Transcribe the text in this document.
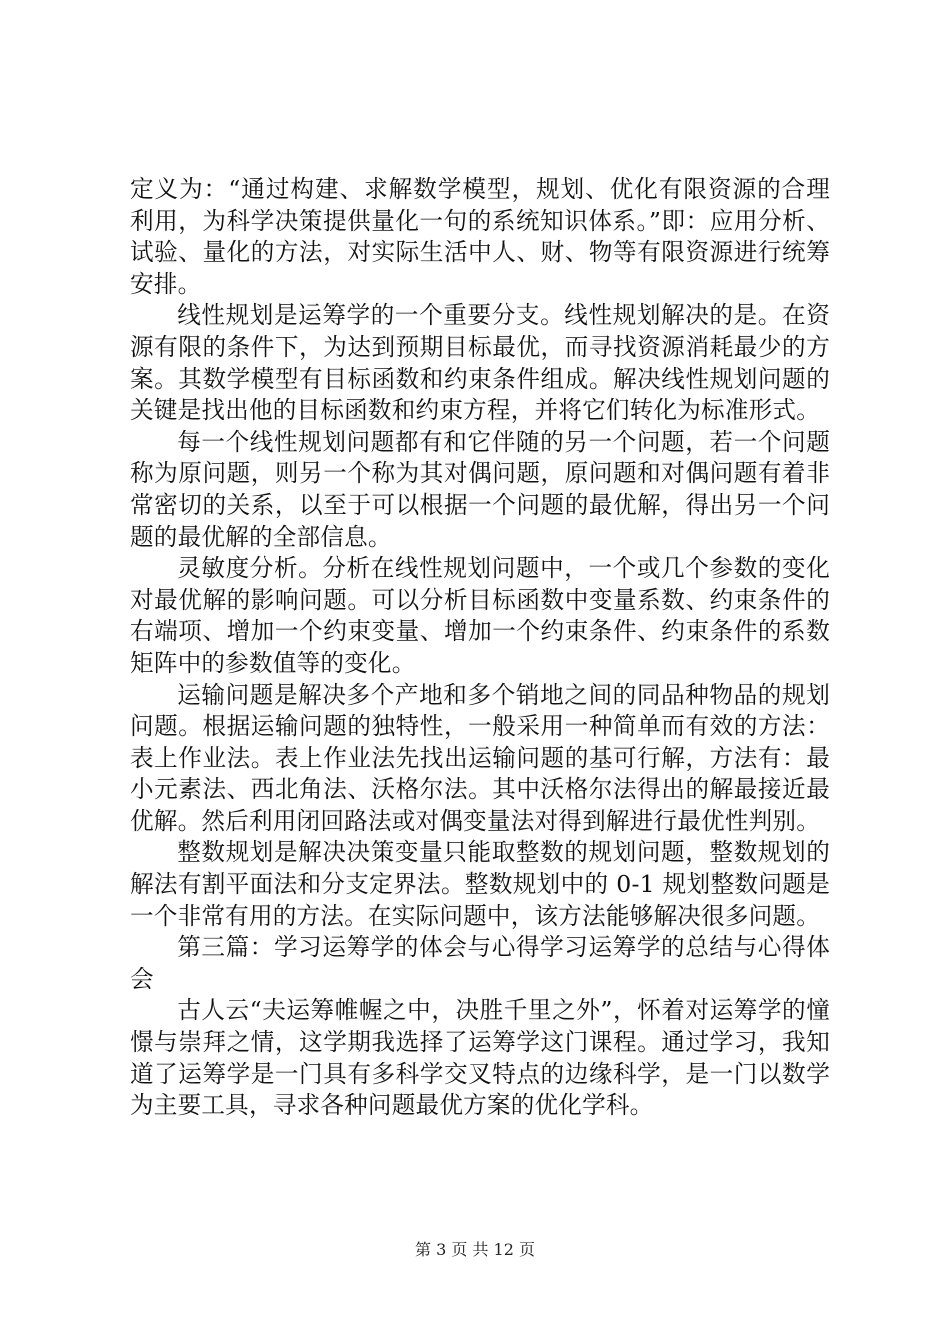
定义为：“通过构建、求解数学模型，规划、优化有限资源的合理利用，为科学决策提供量化一句的系统知识体系。”即：应用分析、试验、量化的方法，对实际生活中人、财、物等有限资源进行统筹安排。

线性规划是运筹学的一个重要分支。线性规划解决的是。在资源有限的条件下，为达到预期目标最优，而寻找资源消耗最少的方案。其数学模型有目标函数和约束条件组成。解决线性规划问题的关键是找出他的目标函数和约束方程，并将它们转化为标准形式。

每一个线性规划问题都有和它伴随的另一个问题，若一个问题称为原问题，则另一个称为其对偶问题，原问题和对偶问题有着非常密切的关系，以至于可以根据一个问题的最优解，得出另一个问题的最优解的全部信息。

灵敏度分析。分析在线性规划问题中，一个或几个参数的变化对最优解的影响问题。可以分析目标函数中变量系数、约束条件的右端项、增加一个约束变量、增加一个约束条件、约束条件的系数矩阵中的参数值等的变化。

运输问题是解决多个产地和多个销地之间的同品种物品的规划问题。根据运输问题的独特性，一般采用一种简单而有效的方法：表上作业法。表上作业法先找出运输问题的基可行解，方法有：最小元素法、西北角法、沃格尔法。其中沃格尔法得出的解最接近最优解。然后利用闭回路法或对偶变量法对得到解进行最优性判别。

整数规划是解决决策变量只能取整数的规划问题，整数规划的解法有割平面法和分支定界法。整数规划中的 0-1 规划整数问题是一个非常有用的方法。在实际问题中，该方法能够解决很多问题。

第三篇：学习运筹学的体会与心得学习运筹学的总结与心得体会

古人云“夫运筹帷幄之中，决胜千里之外”，怀着对运筹学的憧憬与崇拜之情，这学期我选择了运筹学这门课程。通过学习，我知道了运筹学是一门具有多科学交叉特点的边缘科学，是一门以数学为主要工具，寻求各种问题最优方案的优化学科。

第 3 页 共 12 页
